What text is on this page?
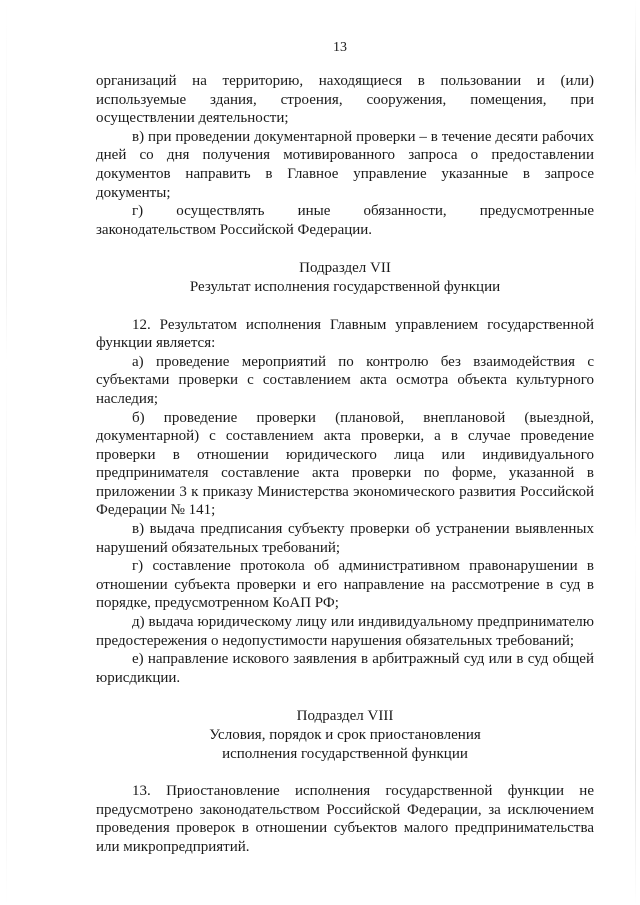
13

организаций на территорию, находящиеся в пользовании и (или) используемые здания, строения, сооружения, помещения, при осуществлении деятельности;

в) при проведении документарной проверки – в течение десяти рабочих дней со дня получения мотивированного запроса о предоставлении документов направить в Главное управление указанные в запросе документы;

г) осуществлять иные обязанности, предусмотренные законодательством Российской Федерации.

Подраздел VII

Результат исполнения государственной функции

12. Результатом исполнения Главным управлением государственной функции является:

а) проведение мероприятий по контролю без взаимодействия с субъектами проверки с составлением акта осмотра объекта культурного наследия;

б) проведение проверки (плановой, внеплановой (выездной, документарной) с составлением акта проверки, а в случае проведение проверки в отношении юридического лица или индивидуального предпринимателя составление акта проверки по форме, указанной в приложении 3 к приказу Министерства экономического развития Российской Федерации № 141;

в) выдача предписания субъекту проверки об устранении выявленных нарушений обязательных требований;

г) составление протокола об административном правонарушении в отношении субъекта проверки и его направление на рассмотрение в суд в порядке, предусмотренном КоАП РФ;

д) выдача юридическому лицу или индивидуальному предпринимателю предостережения о недопустимости нарушения обязательных требований;

е) направление искового заявления в арбитражный суд или в суд общей юрисдикции.

Подраздел VIII

Условия, порядок и срок приостановления

исполнения государственной функции

13. Приостановление исполнения государственной функции не предусмотрено законодательством Российской Федерации, за исключением проведения проверок в отношении субъектов малого предпринимательства или микропредприятий.
